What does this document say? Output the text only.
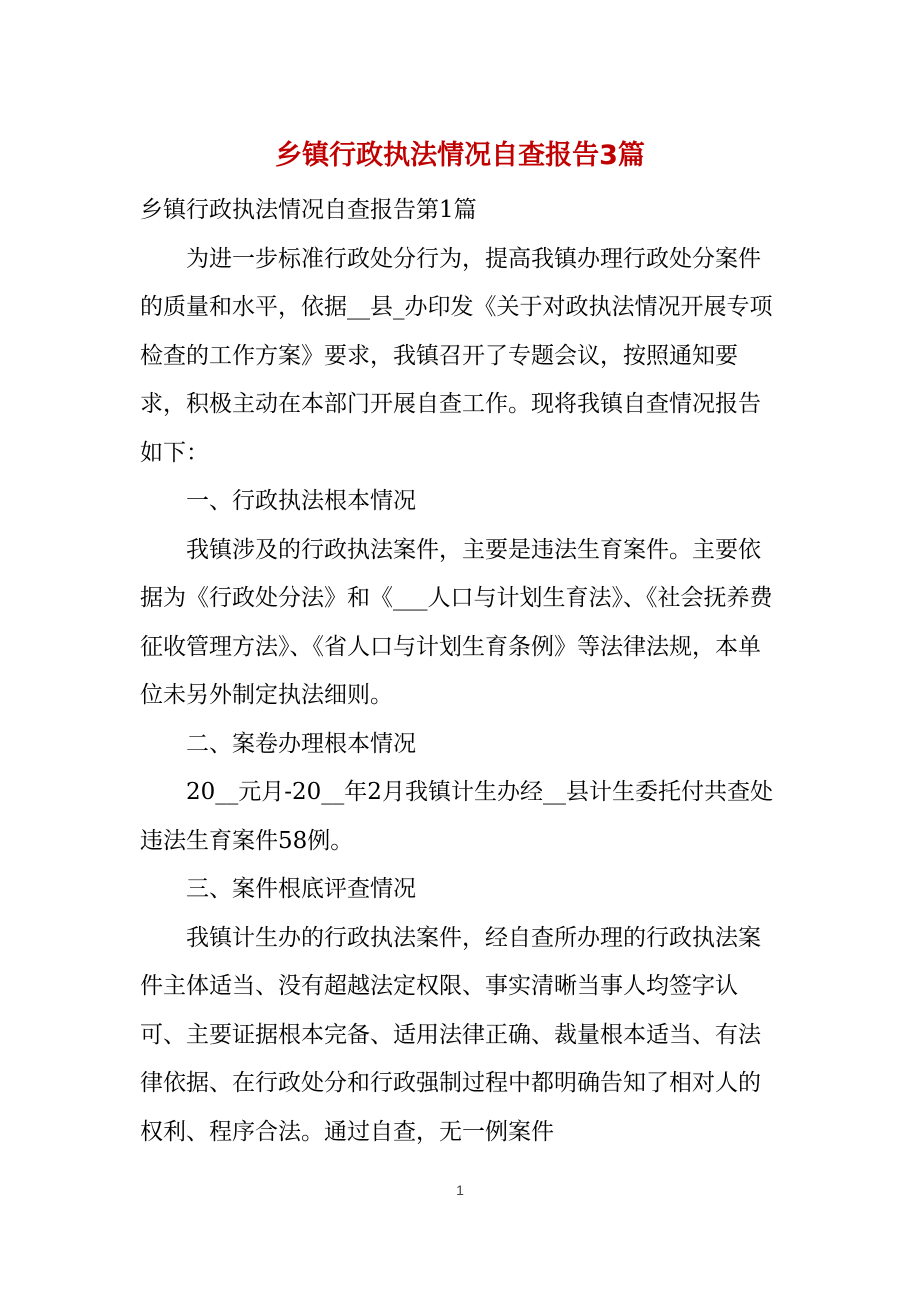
乡镇行政执法情况自查报告3篇

乡镇行政执法情况自查报告第1篇

为进一步标准行政处分行为，提高我镇办理行政处分案件的质量和水平，依据__县_办印发《关于对政执法情况开展专项检查的工作方案》要求，我镇召开了专题会议，按照通知要求，积极主动在本部门开展自查工作。现将我镇自查情况报告如下：

一、行政执法根本情况

我镇涉及的行政执法案件，主要是违法生育案件。主要依据为《行政处分法》和《___人口与计划生育法》、《社会抚养费征收管理方法》、《省人口与计划生育条例》等法律法规，本单位未另外制定执法细则。

二、案卷办理根本情况

20__元月-20__年2月我镇计生办经__县计生委托付共查处违法生育案件58例。

三、案件根底评查情况

我镇计生办的行政执法案件，经自查所办理的行政执法案件主体适当、没有超越法定权限、事实清晰当事人均签字认可、主要证据根本完备、适用法律正确、裁量根本适当、有法律依据、在行政处分和行政强制过程中都明确告知了相对人的权利、程序合法。通过自查，无一例案件

1
